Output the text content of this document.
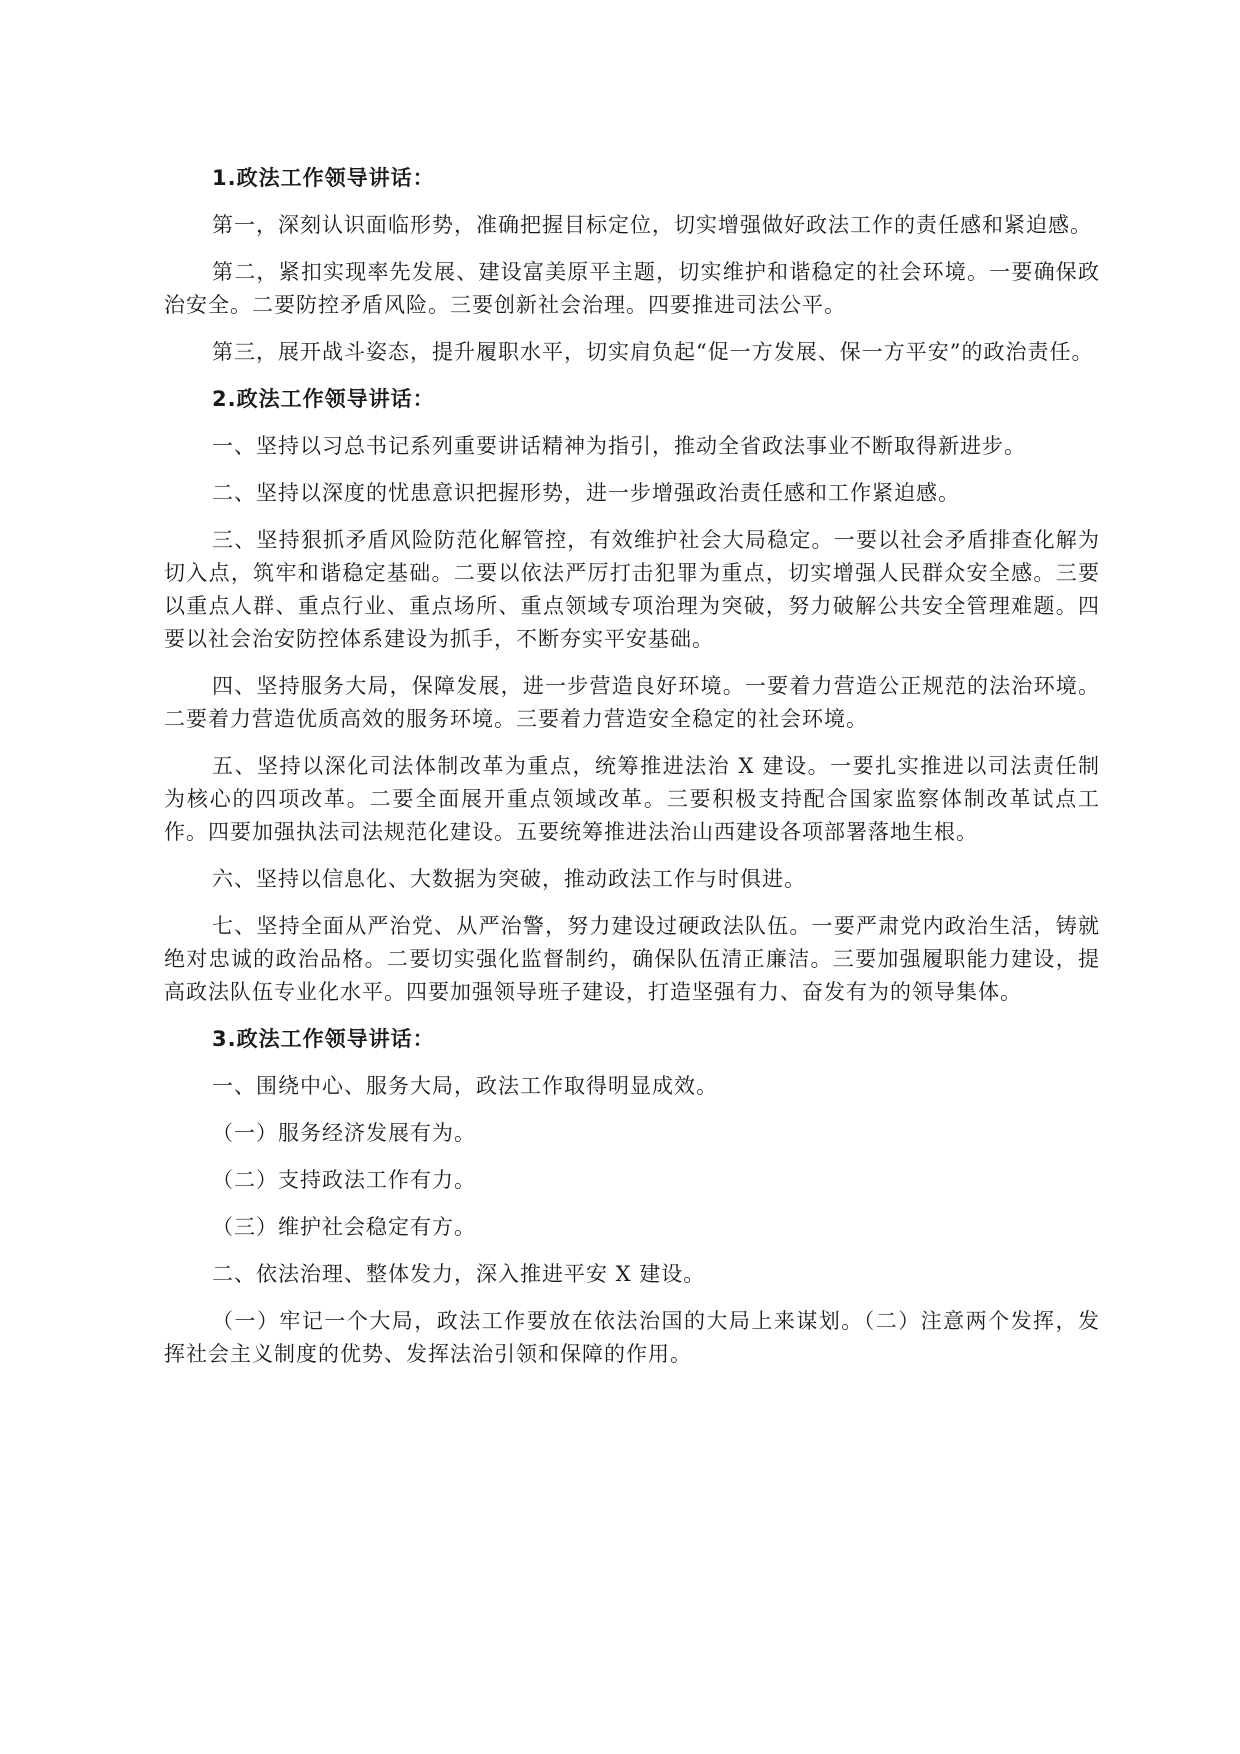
1.政法工作领导讲话：

第一，深刻认识面临形势，准确把握目标定位，切实增强做好政法工作的责任感和紧迫感。

第二，紧扣实现率先发展、建设富美原平主题，切实维护和谐稳定的社会环境。一要确保政治安全。二要防控矛盾风险。三要创新社会治理。四要推进司法公平。

第三，展开战斗姿态，提升履职水平，切实肩负起“促一方发展、保一方平安”的政治责任。

2.政法工作领导讲话：

一、坚持以习总书记系列重要讲话精神为指引，推动全省政法事业不断取得新进步。

二、坚持以深度的忧患意识把握形势，进一步增强政治责任感和工作紧迫感。

三、坚持狠抓矛盾风险防范化解管控，有效维护社会大局稳定。一要以社会矛盾排查化解为切入点，筑牢和谐稳定基础。二要以依法严厉打击犯罪为重点，切实增强人民群众安全感。三要以重点人群、重点行业、重点场所、重点领域专项治理为突破，努力破解公共安全管理难题。四要以社会治安防控体系建设为抓手，不断夯实平安基础。

四、坚持服务大局，保障发展，进一步营造良好环境。一要着力营造公正规范的法治环境。二要着力营造优质高效的服务环境。三要着力营造安全稳定的社会环境。

五、坚持以深化司法体制改革为重点，统筹推进法治 X 建设。一要扎实推进以司法责任制为核心的四项改革。二要全面展开重点领域改革。三要积极支持配合国家监察体制改革试点工作。四要加强执法司法规范化建设。五要统筹推进法治山西建设各项部署落地生根。

六、坚持以信息化、大数据为突破，推动政法工作与时俱进。

七、坚持全面从严治党、从严治警，努力建设过硬政法队伍。一要严肃党内政治生活，铸就绝对忠诚的政治品格。二要切实强化监督制约，确保队伍清正廉洁。三要加强履职能力建设，提高政法队伍专业化水平。四要加强领导班子建设，打造坚强有力、奋发有为的领导集体。

3.政法工作领导讲话：

一、围绕中心、服务大局，政法工作取得明显成效。

（一）服务经济发展有为。

（二）支持政法工作有力。

（三）维护社会稳定有方。

二、依法治理、整体发力，深入推进平安 X 建设。

（一）牢记一个大局，政法工作要放在依法治国的大局上来谋划。（二）注意两个发挥，发挥社会主义制度的优势、发挥法治引领和保障的作用。
